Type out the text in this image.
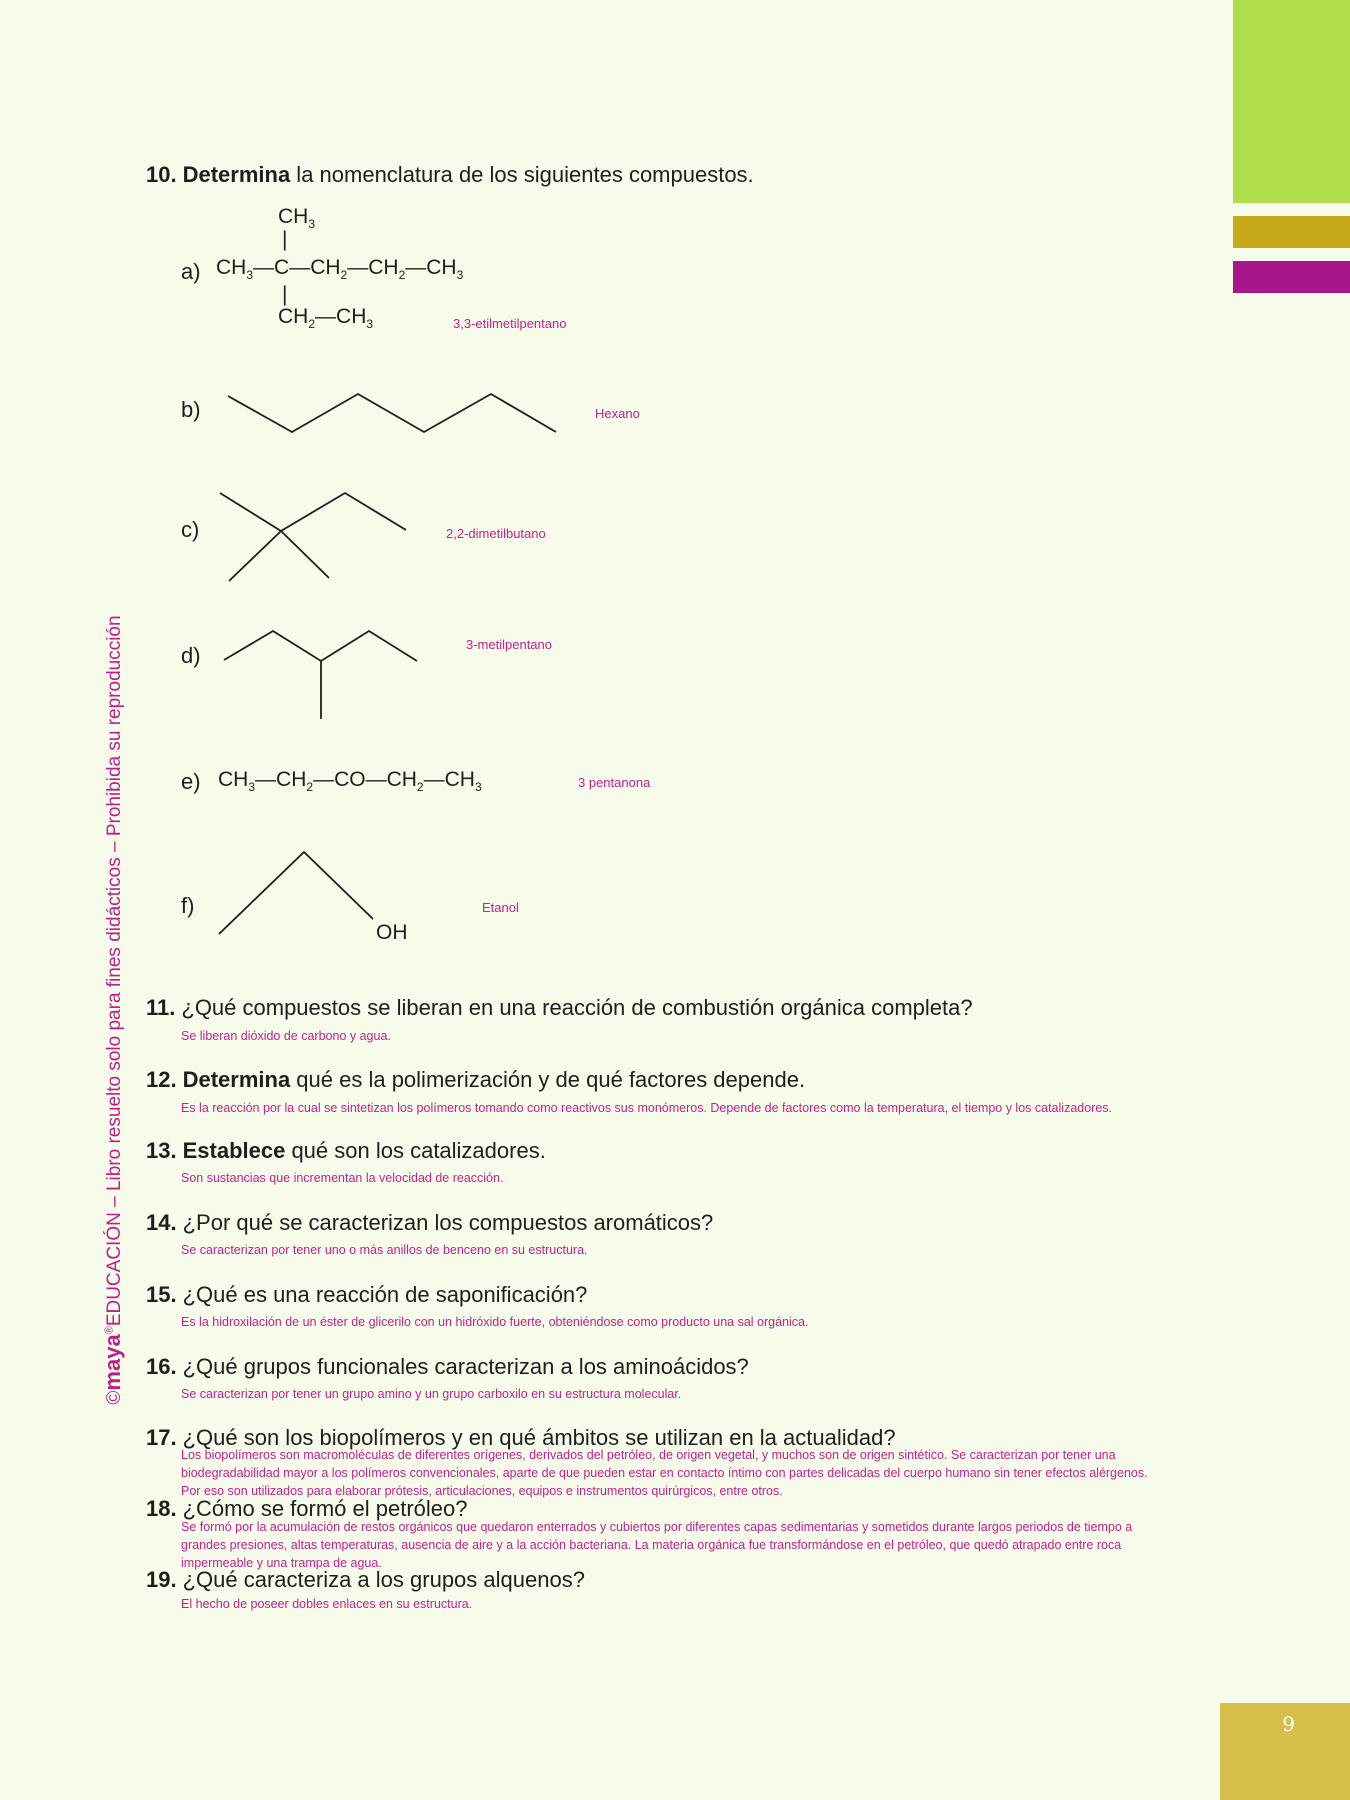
9
©maya®EDUCACIÓN – Libro resuelto solo para fines didácticos – Prohibida su reproducción
10. Determina la nomenclatura de los siguientes compuestos.
a)
$CH_3$
|
$CH_3—C—CH_2—CH_2—CH_3$
|
$CH_2—CH_3$	3,3-etilmetilpentano
b)	Hexano
c)	2,2-dimetilbutano
d)	3-metilpentano
e) $CH_3—CH_2—CO—CH_2—CH_3$	3 pentanona
f)
OH
Etanol
11. ¿Qué compuestos se liberan en una reacción de combustión orgánica completa?
Se liberan dióxido de carbono y agua.
12. Determina qué es la polimerización y de qué factores depende.
Es la reacción por la cual se sintetizan los polímeros tomando como reactivos sus monómeros. Depende de factores como la temperatura, el tiempo y los catalizadores.
13. Establece qué son los catalizadores.
Son sustancias que incrementan la velocidad de reacción.
14. ¿Por qué se caracterizan los compuestos aromáticos?
Se caracterizan por tener uno o más anillos de benceno en su estructura.
15. ¿Qué es una reacción de saponificación?
Es la hidroxilación de un éster de glicerilo con un hidróxido fuerte, obteniéndose como producto una sal orgánica.
16. ¿Qué grupos funcionales caracterizan a los aminoácidos?
Se caracterizan por tener un grupo amino y un grupo carboxilo en su estructura molecular.
17. ¿Qué son los biopolímeros y en qué ámbitos se utilizan en la actualidad?
Los biopolímeros son macromoléculas de diferentes orígenes, derivados del petróleo, de origen vegetal, y muchos son de origen sintético. Se caracterizan por tener una biodegradabilidad mayor a los polímeros convencionales, aparte de que pueden estar en contacto íntimo con partes delicadas del cuerpo humano sin tener efectos alérgenos. Por eso son utilizados para elaborar prótesis, articulaciones, equipos e instrumentos quirúrgicos, entre otros.
18. ¿Cómo se formó el petróleo?
Se formó por la acumulación de restos orgánicos que quedaron enterrados y cubiertos por diferentes capas sedimentarias y sometidos durante largos periodos de tiempo a grandes presiones, altas temperaturas, ausencia de aire y a la acción bacteriana. La materia orgánica fue transformándose en el petróleo, que quedó atrapado entre roca impermeable y una trampa de agua.
19. ¿Qué caracteriza a los grupos alquenos?
El hecho de poseer dobles enlaces en su estructura.
